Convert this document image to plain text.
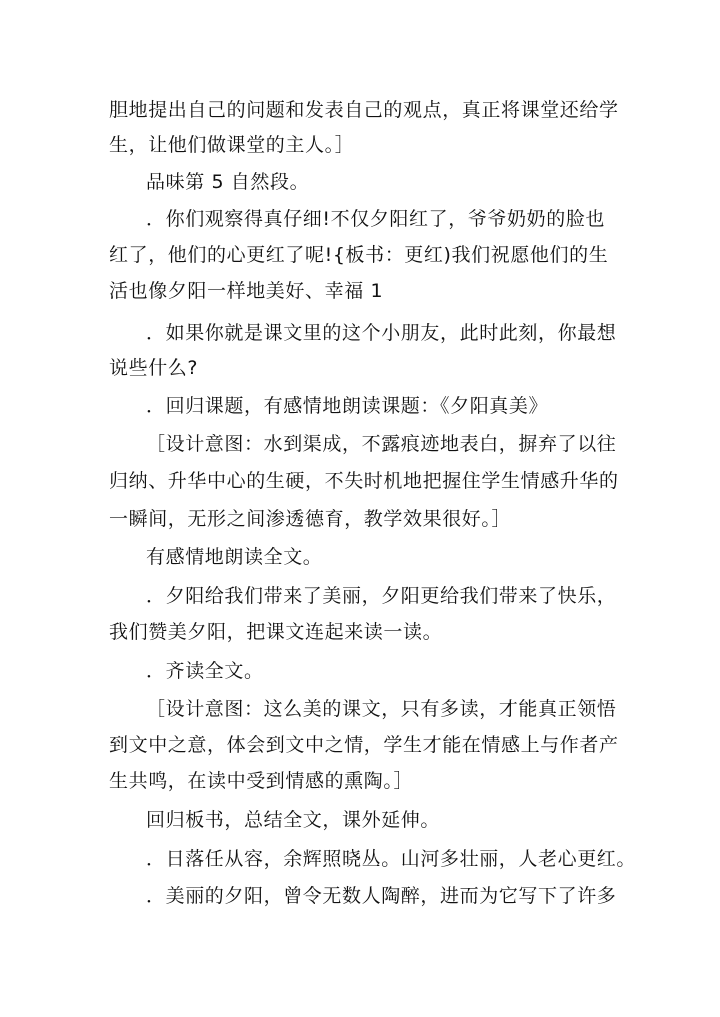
胆地提出自己的问题和发表自己的观点，真正将课堂还给学
生，让他们做课堂的主人。］
品味第 5 自然段。
．你们观察得真仔细!不仅夕阳红了，爷爷奶奶的脸也
红了，他们的心更红了呢!{板书：更红)我们祝愿他们的生
活也像夕阳一样地美好、幸福 1
．如果你就是课文里的这个小朋友，此时此刻，你最想
说些什么?
．回归课题，有感情地朗读课题：《夕阳真美》
［设计意图：水到渠成，不露痕迹地表白，摒弃了以往
归纳、升华中心的生硬，不失时机地把握住学生情感升华的
一瞬间，无形之间渗透德育，教学效果很好。］
有感情地朗读全文。
．夕阳给我们带来了美丽，夕阳更给我们带来了快乐，
我们赞美夕阳，把课文连起来读一读。
．齐读全文。
［设计意图：这么美的课文，只有多读，才能真正领悟
到文中之意，体会到文中之情，学生才能在情感上与作者产
生共鸣，在读中受到情感的熏陶。］
回归板书，总结全文，课外延伸。
．日落任从容，余辉照晓丛。山河多壮丽，人老心更红。
．美丽的夕阳，曾令无数人陶醉，进而为它写下了许多
